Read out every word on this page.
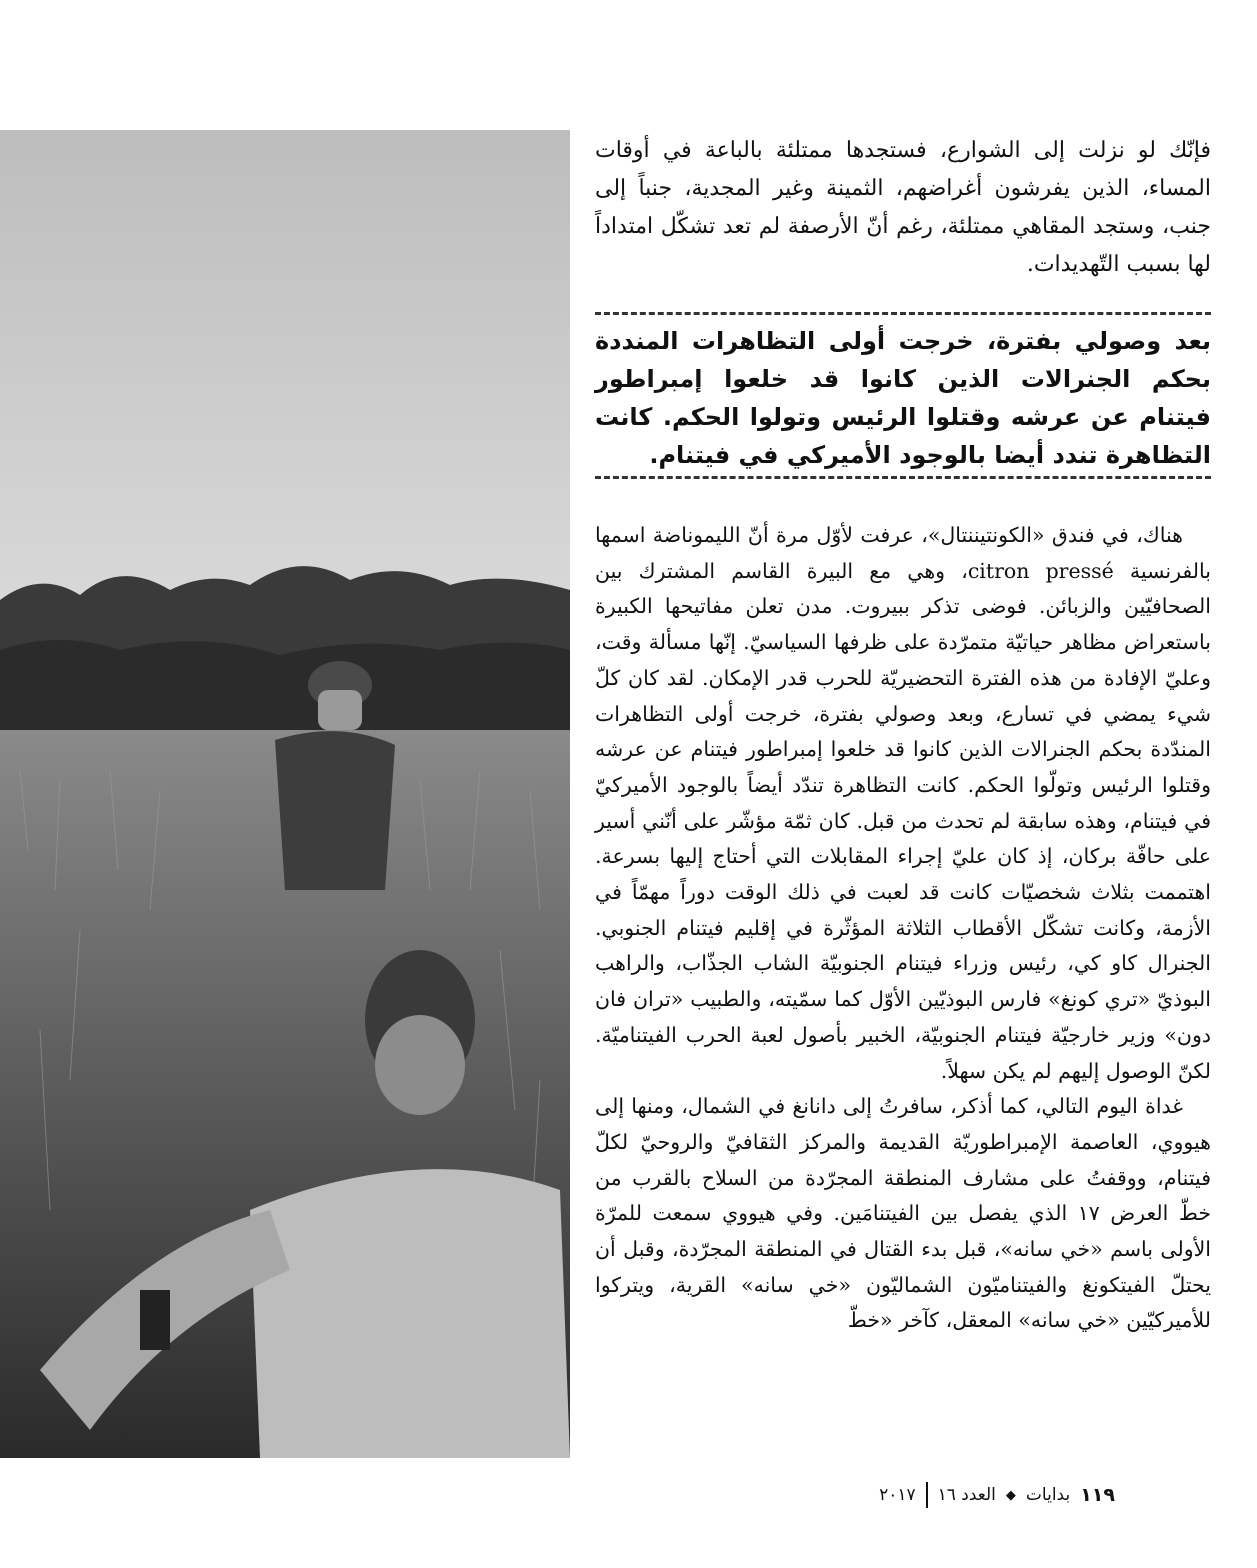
فإنّك لو نزلت إلى الشوارع، فستجدها ممتلئة بالباعة في أوقات المساء، الذين يفرشون أغراضهم، الثمينة وغير المجدية، جنباً إلى جنب، وستجد المقاهي ممتلئة، رغم أنّ الأرصفة لم تعد تشكّل امتداداً لها بسبب التّهديدات.
بعد وصولي بفترة، خرجت أولى التظاهرات المنددة بحكم الجنرالات الذين كانوا قد خلعوا إمبراطور فيتنام عن عرشه وقتلوا الرئيس وتولوا الحكم. كانت التظاهرة تندد أيضا بالوجود الأميركي في فيتنام.

هناك، في فندق «الكونتيننتال»، عرفت لأوّل مرة أنّ الليموناضة اسمها بالفرنسية citron pressé، وهي مع البيرة القاسم المشترك بين الصحافيّين والزبائن. فوضى تذكر ببيروت. مدن تعلن مفاتيحها الكبيرة باستعراض مظاهر حياتيّة متمرّدة على ظرفها السياسيّ. إنّها مسألة وقت، وعليّ الإفادة من هذه الفترة التحضيريّة للحرب قدر الإمكان. لقد كان كلّ شيء يمضي في تسارع، وبعد وصولي بفترة، خرجت أولى التظاهرات المندّدة بحكم الجنرالات الذين كانوا قد خلعوا إمبراطور فيتنام عن عرشه وقتلوا الرئيس وتولّوا الحكم. كانت التظاهرة تندّد أيضاً بالوجود الأميركيّ في فيتنام، وهذه سابقة لم تحدث من قبل. كان ثمّة مؤشّر على أنّني أسير على حافّة بركان، إذ كان عليّ إجراء المقابلات التي أحتاج إليها بسرعة. اهتممت بثلاث شخصيّات كانت قد لعبت في ذلك الوقت دوراً مهمّاً في الأزمة، وكانت تشكّل الأقطاب الثلاثة المؤثّرة في إقليم فيتنام الجنوبي. الجنرال كاو كي، رئيس وزراء فيتنام الجنوبيّة الشاب الجذّاب، والراهب البوذيّ «تري كونغ» فارس البوذيّين الأوّل كما سمّيته، والطبيب «تران فان دون» وزير خارجيّة فيتنام الجنوبيّة، الخبير بأصول لعبة الحرب الفيتناميّة. لكنّ الوصول إليهم لم يكن سهلاً.

غداة اليوم التالي، كما أذكر، سافرتُ إلى دانانغ في الشمال، ومنها إلى هيووي، العاصمة الإمبراطوريّة القديمة والمركز الثقافيّ والروحيّ لكلّ فيتنام، ووقفتُ على مشارف المنطقة المجرّدة من السلاح بالقرب من خطّ العرض ١٧ الذي يفصل بين الفيتنامَين. وفي هيووي سمعت للمرّة الأولى باسم «خي سانه»، قبل بدء القتال في المنطقة المجرّدة، وقبل أن يحتلّ الفيتكونغ والفيتناميّون الشماليّون «خي سانه» القرية، ويتركوا للأميركيّين «خي سانه» المعقل، كآخر «خطّ

١١٩
بدايات
◆
العدد ١٦
٢٠١٧
